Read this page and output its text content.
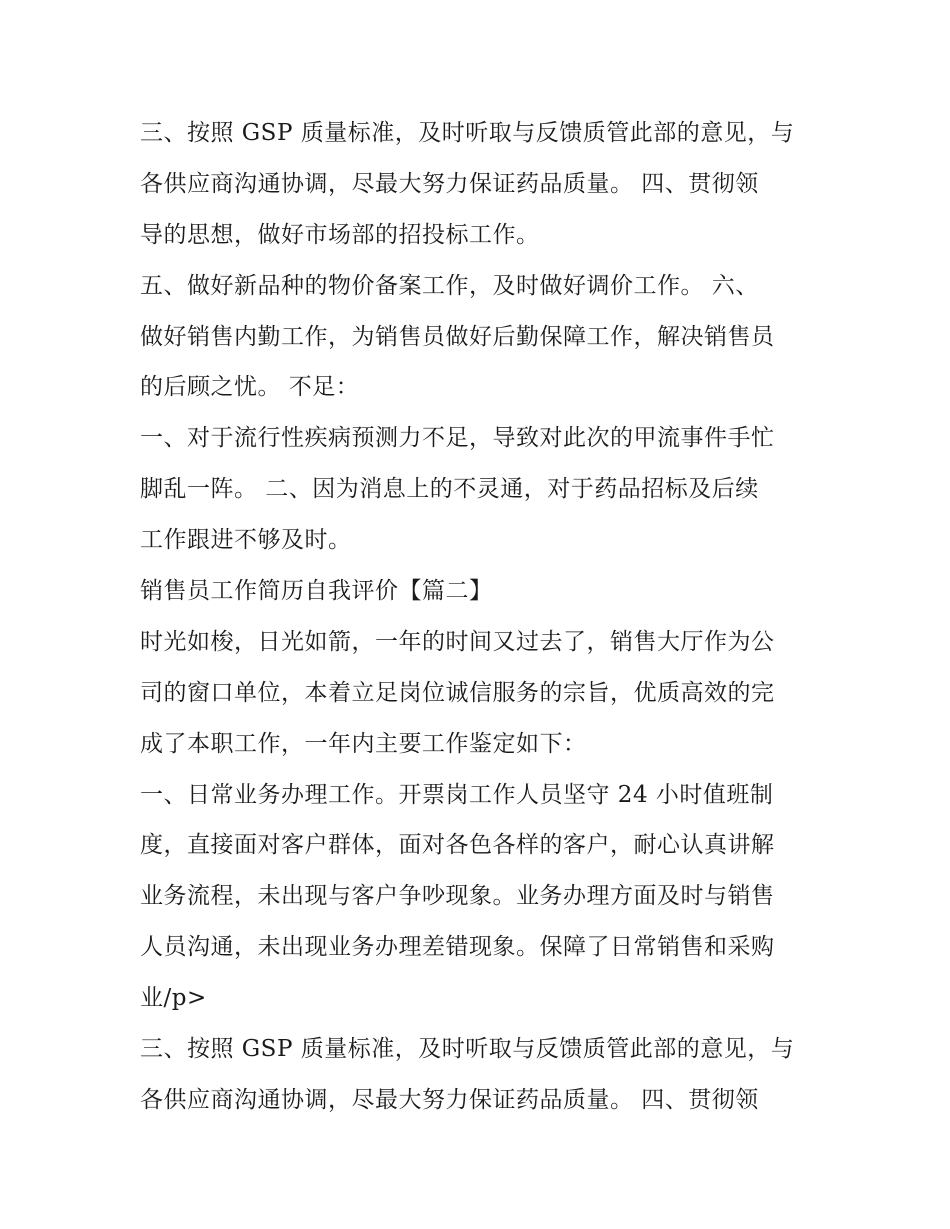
三、按照 GSP 质量标准，及时听取与反馈质管此部的意见，与
各供应商沟通协调，尽最大努力保证药品质量。 四、贯彻领
导的思想，做好市场部的招投标工作。
五、做好新品种的物价备案工作，及时做好调价工作。 六、
做好销售内勤工作，为销售员做好后勤保障工作，解决销售员
的后顾之忧。 不足：
一、对于流行性疾病预测力不足，导致对此次的甲流事件手忙
脚乱一阵。 二、因为消息上的不灵通，对于药品招标及后续
工作跟进不够及时。
销售员工作简历自我评价【篇二】
时光如梭，日光如箭，一年的时间又过去了，销售大厅作为公
司的窗口单位，本着立足岗位诚信服务的宗旨，优质高效的完
成了本职工作，一年内主要工作鉴定如下：
一、日常业务办理工作。开票岗工作人员坚守 24 小时值班制
度，直接面对客户群体，面对各色各样的客户，耐心认真讲解
业务流程，未出现与客户争吵现象。业务办理方面及时与销售
人员沟通，未出现业务办理差错现象。保障了日常销售和采购
业/p>
三、按照 GSP 质量标准，及时听取与反馈质管此部的意见，与
各供应商沟通协调，尽最大努力保证药品质量。 四、贯彻领
